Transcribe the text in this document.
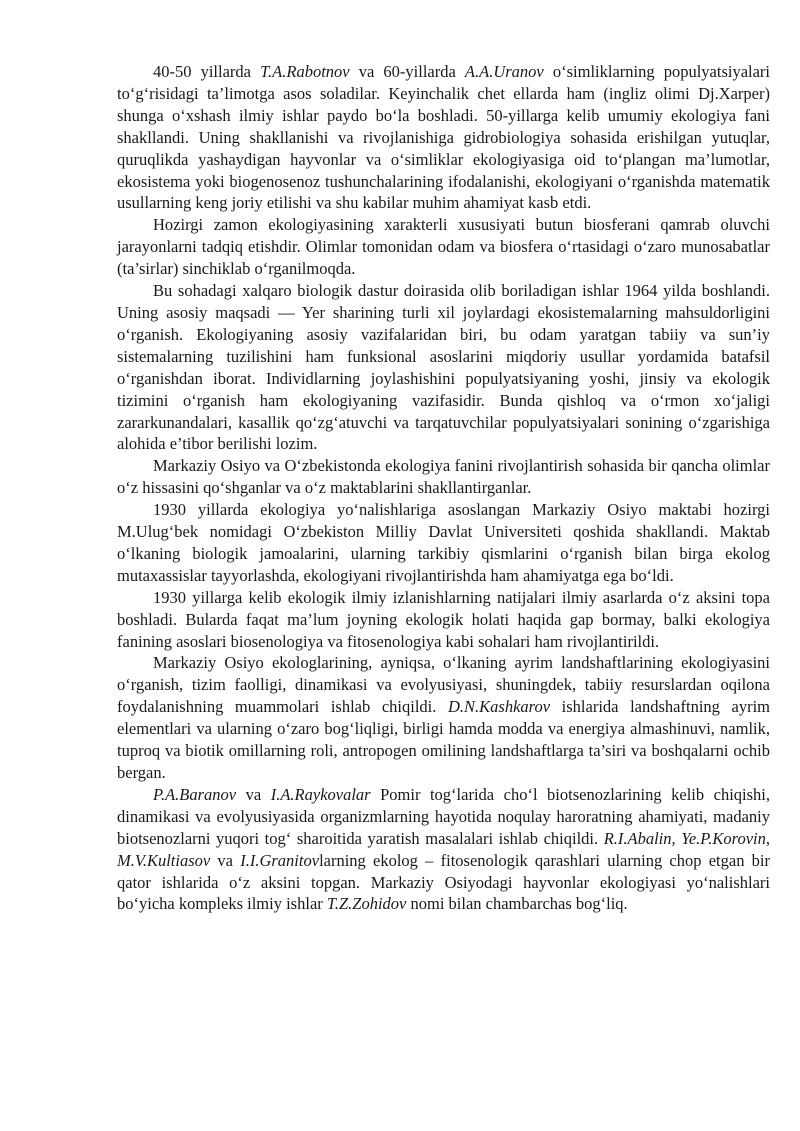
40-50 yillarda T.A.Rabotnov va 60-yillarda A.A.Uranov o‘simliklarning populyatsiyalari to‘g‘risidagi ta’limotga asos soladilar. Keyinchalik chet ellarda ham (ingliz olimi Dj.Xarper) shunga o‘xshash ilmiy ishlar paydo bo‘la boshladi. 50-yillarga kelib umumiy ekologiya fani shakllandi. Uning shakllanishi va rivojlanishiga gidrobiologiya sohasida erishilgan yutuqlar, quruqlikda yashaydigan hayvonlar va o‘simliklar ekologiyasiga oid to‘plangan ma’lumotlar, ekosistema yoki biogenosenoz tushunchalarining ifodalanishi, ekologiyani o‘rganishda matematik usullarning keng joriy etilishi va shu kabilar muhim ahamiyat kasb etdi.

Hozirgi zamon ekologiyasining xarakterli xususiyati butun biosferani qamrab oluvchi jarayonlarni tadqiq etishdir. Olimlar tomonidan odam va biosfera o‘rtasidagi o‘zaro munosabatlar (ta’sirlar) sinchiklab o‘rganilmoqda.

Bu sohadagi xalqaro biologik dastur doirasida olib boriladigan ishlar 1964 yilda boshlandi. Uning asosiy maqsadi — Yer sharining turli xil joylardagi ekosistemalarning mahsuldorligini o‘rganish. Ekologiyaning asosiy vazifalaridan biri, bu odam yaratgan tabiiy va sun’iy sistemalarning tuzilishini ham funksional asoslarini miqdoriy usullar yordamida batafsil o‘rganishdan iborat. Individlarning joylashishini populyatsiyaning yoshi, jinsiy va ekologik tizimini o‘rganish ham ekologiyaning vazifasidir. Bunda qishloq va o‘rmon xo‘jaligi zararkunandalari, kasallik qo‘zg‘atuvchi va tarqatuvchilar populyatsiyalari sonining o‘zgarishiga alohida e’tibor berilishi lozim.

Markaziy Osiyo va O‘zbekistonda ekologiya fanini rivojlantirish sohasida bir qancha olimlar o‘z hissasini qo‘shganlar va o‘z maktablarini shakllantirganlar.

1930 yillarda ekologiya yo‘nalishlariga asoslangan Markaziy Osiyo maktabi hozirgi M.Ulug‘bek nomidagi O‘zbekiston Milliy Davlat Universiteti qoshida shakllandi. Maktab o‘lkaning biologik jamoalarini, ularning tarkibiy qismlarini o‘rganish bilan birga ekolog mutaxassislar tayyorlashda, ekologiyani rivojlantirishda ham ahamiyatga ega bo‘ldi.

1930 yillarga kelib ekologik ilmiy izlanishlarning natijalari ilmiy asarlarda o‘z aksini topa boshladi. Bularda faqat ma’lum joyning ekologik holati haqida gap bormay, balki ekologiya fanining asoslari biosenologiya va fitosenologiya kabi sohalari ham rivojlantirildi.

Markaziy Osiyo ekologlarining, ayniqsa, o‘lkaning ayrim landshaftlarining ekologiyasini o‘rganish, tizim faolligi, dinamikasi va evolyusiyasi, shuningdek, tabiiy resurslardan oqilona foydalanishning muammolari ishlab chiqildi. D.N.Kashkarov ishlarida landshaftning ayrim elementlari va ularning o‘zaro bog‘liqligi, birligi hamda modda va energiya almashinuvi, namlik, tuproq va biotik omillarning roli, antropogen omilining landshaftlarga ta’siri va boshqalarni ochib bergan.

P.A.Baranov va I.A.Raykovalar Pomir tog‘larida cho‘l biotsenozlarining kelib chiqishi, dinamikasi va evolyusiyasida organizmlarning hayotida noqulay haroratning ahamiyati, madaniy biotsenozlarni yuqori tog‘ sharoitida yaratish masalalari ishlab chiqildi. R.I.Abalin, Ye.P.Korovin, M.V.Kultiasov va I.I.Granitovlarning ekolog – fitosenologik qarashlari ularning chop etgan bir qator ishlarida o‘z aksini topgan. Markaziy Osiyodagi hayvonlar ekologiyasi yo‘nalishlari bo‘yicha kompleks ilmiy ishlar T.Z.Zohidov nomi bilan chambarchas bog‘liq.
